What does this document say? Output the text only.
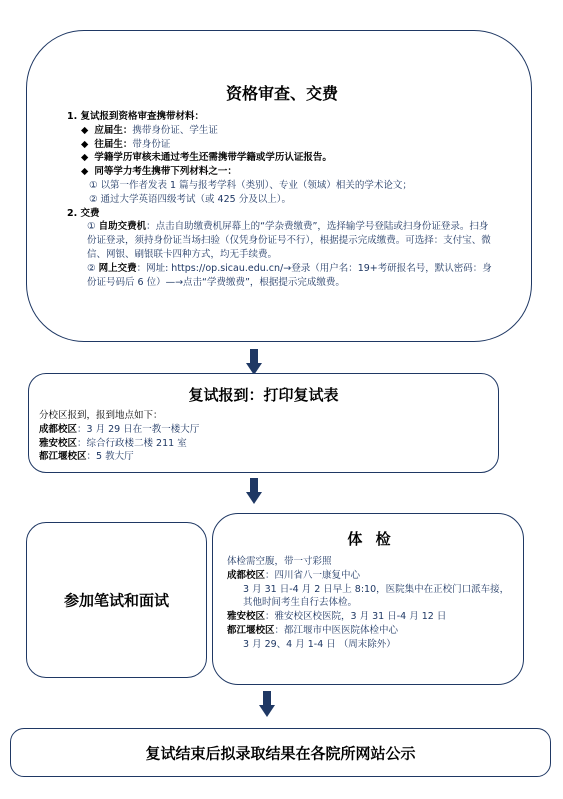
资格审查、交费
1. 复试报到资格审查携带材料：
◆ 应届生：携带身份证、学生证
◆ 往届生：带身份证
◆ 学籍学历审核未通过考生还需携带学籍或学历认证报告。
◆ 同等学力考生携带下列材料之一：
① 以第一作者发表 1 篇与报考学科（类别）、专业（领域）相关的学术论文；
② 通过大学英语四级考试（或 425 分及以上）。
2. 交费
① 自助交费机：点击自助缴费机屏幕上的“学杂费缴费”，选择输学号登陆或扫身份证登录。扫身份证登录，须持身份证当场扫验（仅凭身份证号不行），根据提示完成缴费。可选择：支付宝、微信、网银、刷银联卡四种方式，均无手续费。
② 网上交费：网址: https://op.sicau.edu.cn/→登录（用户名：19+考研报名号，默认密码：身份证号码后 6 位）—→点击“学费缴费”，根据提示完成缴费。
复试报到：打印复试表
分校区报到，报到地点如下：
成都校区：3 月 29 日在一教一楼大厅
雅安校区：综合行政楼二楼 211 室
都江堰校区：5 教大厅
参加笔试和面试
体 检
体检需空腹，带一寸彩照
成都校区：四川省八一康复中心
3 月 31 日-4 月 2 日早上 8:10，医院集中在正校门口派车接，其他时间考生自行去体检。
雅安校区：雅安校区校医院，3 月 31 日-4 月 12 日
都江堰校区：都江堰市中医医院体检中心
3 月 29、4 月 1-4 日 （周末除外）
复试结束后拟录取结果在各院所网站公示
